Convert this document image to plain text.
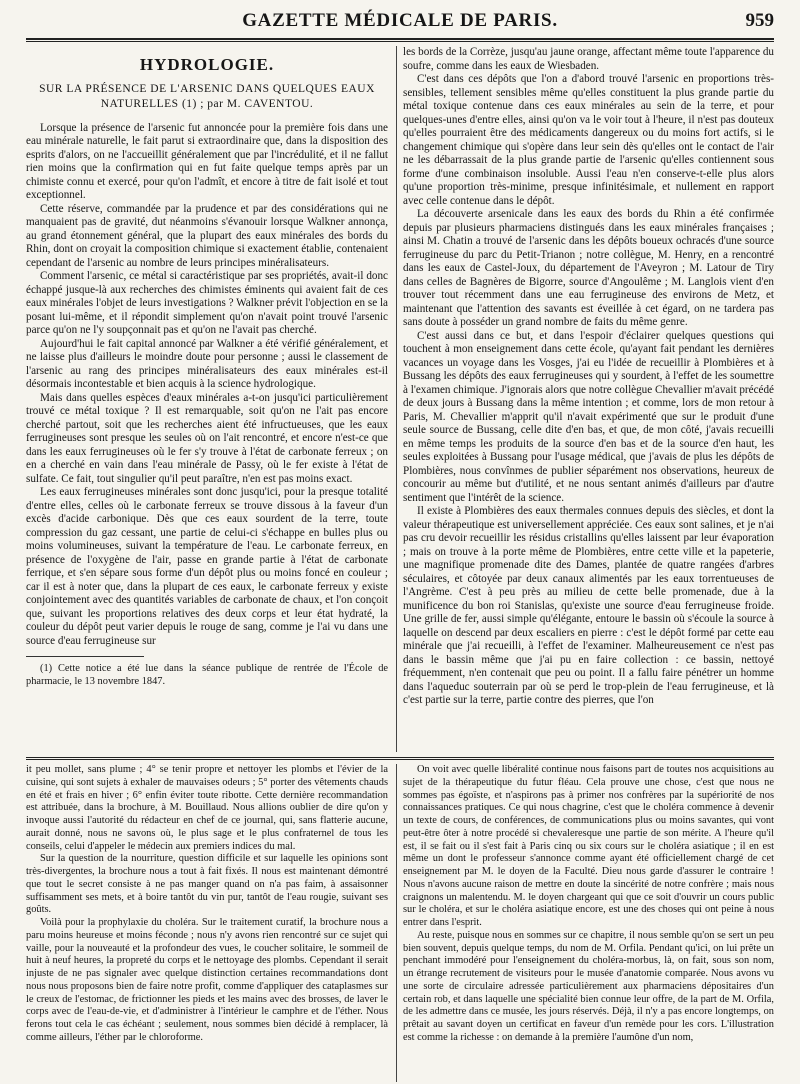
GAZETTE MÉDICALE DE PARIS.	959
HYDROLOGIE.
SUR LA PRÉSENCE DE L'ARSENIC DANS QUELQUES EAUX NATURELLES (1) ; par M. CAVENTOU.

Lorsque la présence de l'arsenic fut annoncée pour la première fois dans une eau minérale naturelle, le fait parut si extraordinaire que, dans la disposition des esprits d'alors, on ne l'accueillit généralement que par l'incrédulité, et il ne fallut rien moins que la confirmation qui en fut faite quelque temps après par un chimiste connu et exercé, pour qu'on l'admît, et encore à titre de fait isolé et tout exceptionnel.

Cette réserve, commandée par la prudence et par des considérations qui ne manquaient pas de gravité, dut néanmoins s'évanouir lorsque Walkner annonça, au grand étonnement général, que la plupart des eaux minérales des bords du Rhin, dont on croyait la composition chimique si exactement établie, contenaient cependant de l'arsenic au nombre de leurs principes minéralisateurs.

Comment l'arsenic, ce métal si caractéristique par ses propriétés, avait-il donc échappé jusque-là aux recherches des chimistes éminents qui avaient fait de ces eaux minérales l'objet de leurs investigations ? Walkner prévit l'objection en se la posant lui-même, et il répondit simplement qu'on n'avait point trouvé l'arsenic parce qu'on ne l'y soupçonnait pas et qu'on ne l'avait pas cherché.

Aujourd'hui le fait capital annoncé par Walkner a été vérifié généralement, et ne laisse plus d'ailleurs le moindre doute pour personne ; aussi le classement de l'arsenic au rang des principes minéralisateurs des eaux minérales est-il désormais incontestable et bien acquis à la science hydrologique.

Mais dans quelles espèces d'eaux minérales a-t-on jusqu'ici particulièrement trouvé ce métal toxique ? Il est remarquable, soit qu'on ne l'ait pas encore cherché partout, soit que les recherches aient été infructueuses, que les eaux ferrugineuses sont presque les seules où on l'ait rencontré, et encore n'est-ce que dans les eaux ferrugineuses où le fer s'y trouve à l'état de carbonate ferreux ; on en a cherché en vain dans l'eau minérale de Passy, où le fer existe à l'état de sulfate. Ce fait, tout singulier qu'il peut paraître, n'en est pas moins exact.

Les eaux ferrugineuses minérales sont donc jusqu'ici, pour la presque totalité d'entre elles, celles où le carbonate ferreux se trouve dissous à la faveur d'un excès d'acide carbonique. Dès que ces eaux sourdent de la terre, toute compression du gaz cessant, une partie de celui-ci s'échappe en bulles plus ou moins volumineuses, suivant la température de l'eau. Le carbonate ferreux, en présence de l'oxygène de l'air, passe en grande partie à l'état de carbonate ferrique, et s'en sépare sous forme d'un dépôt plus ou moins foncé en couleur ; car il est à noter que, dans la plupart de ces eaux, le carbonate ferreux y existe conjointement avec des quantités variables de carbonate de chaux, et l'on conçoit que, suivant les proportions relatives des deux corps et leur état hydraté, la couleur du dépôt peut varier depuis le rouge de sang, comme je l'ai vu dans une source d'eau ferrugineuse sur

(1) Cette notice a été lue dans la séance publique de rentrée de l'École de pharmacie, le 13 novembre 1847.

les bords de la Corrèze, jusqu'au jaune orange, affectant même toute l'apparence du soufre, comme dans les eaux de Wiesbaden.

C'est dans ces dépôts que l'on a d'abord trouvé l'arsenic en proportions très-sensibles, tellement sensibles même qu'elles constituent la plus grande partie du métal toxique contenue dans ces eaux minérales au sein de la terre, et pour quelques-unes d'entre elles, ainsi qu'on va le voir tout à l'heure, il n'est pas douteux qu'elles pourraient être des médicaments dangereux ou du moins fort actifs, si le changement chimique qui s'opère dans leur sein dès qu'elles ont le contact de l'air ne les débarrassait de la plus grande partie de l'arsenic qu'elles contiennent sous forme d'une combinaison insoluble. Aussi l'eau n'en conserve-t-elle plus alors qu'une proportion très-minime, presque infinitésimale, et nullement en rapport avec celle contenue dans le dépôt.

La découverte arsenicale dans les eaux des bords du Rhin a été confirmée depuis par plusieurs pharmaciens distingués dans les eaux minérales françaises ; ainsi M. Chatin a trouvé de l'arsenic dans les dépôts boueux ochracés d'une source ferrugineuse du parc du Petit-Trianon ; notre collègue, M. Henry, en a rencontré dans les eaux de Castel-Joux, du département de l'Aveyron ; M. Latour de Tiry dans celles de Bagnères de Bigorre, source d'Angoulême ; M. Langlois vient d'en trouver tout récemment dans une eau ferrugineuse des environs de Metz, et maintenant que l'attention des savants est éveillée à cet égard, on ne tardera pas sans doute à posséder un grand nombre de faits du même genre.

C'est aussi dans ce but, et dans l'espoir d'éclairer quelques questions qui touchent à mon enseignement dans cette école, qu'ayant fait pendant les dernières vacances un voyage dans les Vosges, j'ai eu l'idée de recueillir à Plombières et à Bussang les dépôts des eaux ferrugineuses qui y sourdent, à l'effet de les soumettre à l'examen chimique. J'ignorais alors que notre collègue Chevallier m'avait précédé de deux jours à Bussang dans la même intention ; et comme, lors de mon retour à Paris, M. Chevallier m'apprit qu'il n'avait expérimenté que sur le produit d'une seule source de Bussang, celle dite d'en bas, et que, de mon côté, j'avais recueilli en même temps les produits de la source d'en bas et de la source d'en haut, les seules exploitées à Bussang pour l'usage médical, que j'avais de plus les dépôts de Plombières, nous convînmes de publier séparément nos observations, heureux de concourir au même but d'utilité, et ne nous sentant animés d'ailleurs par d'autre sentiment que l'intérêt de la science.

Il existe à Plombières des eaux thermales connues depuis des siècles, et dont la valeur thérapeutique est universellement appréciée. Ces eaux sont salines, et je n'ai pas cru devoir recueillir les résidus cristallins qu'elles laissent par leur évaporation ; mais on trouve à la porte même de Plombières, entre cette ville et la papeterie, une magnifique promenade dite des Dames, plantée de quatre rangées d'arbres séculaires, et côtoyée par deux canaux alimentés par les eaux torrentueuses de l'Angrème. C'est à peu près au milieu de cette belle promenade, due à la munificence du bon roi Stanislas, qu'existe une source d'eau ferrugineuse froide. Une grille de fer, aussi simple qu'élégante, entoure le bassin où s'écoule la source à laquelle on descend par deux escaliers en pierre : c'est le dépôt formé par cette eau minérale que j'ai recueilli, à l'effet de l'examiner. Malheureusement ce n'est pas dans le bassin même que j'ai pu en faire collection : ce bassin, nettoyé fréquemment, n'en contenait que peu ou point. Il a fallu faire pénétrer un homme dans l'aqueduc souterrain par où se perd le trop-plein de l'eau ferrugineuse, et là c'est partie sur la terre, partie contre des pierres, que l'on

it peu mollet, sans plume ; 4° se tenir propre et nettoyer les plombs et l'évier de la cuisine, qui sont sujets à exhaler de mauvaises odeurs ; 5° porter des vêtements chauds en été et frais en hiver ; 6° enfin éviter toute ribotte. Cette dernière recommandation est attribuée, dans la brochure, à M. Bouillaud. Nous allions oublier de dire qu'on y invoque aussi l'autorité du rédacteur en chef de ce journal, qui, sans flatterie aucune, aurait donné, nous ne savons où, le plus sage et le plus confraternel de tous les conseils, celui d'appeler le médecin aux premiers indices du mal.

Sur la question de la nourriture, question difficile et sur laquelle les opinions sont très-divergentes, la brochure nous a tout à fait fixés. Il nous est maintenant démontré que tout le secret consiste à ne pas manger quand on n'a pas faim, à assaisonner suffisamment ses mets, et à boire tantôt du vin pur, tantôt de l'eau rougie, suivant ses goûts.

Voilà pour la prophylaxie du choléra. Sur le traitement curatif, la brochure nous a paru moins heureuse et moins féconde ; nous n'y avons rien rencontré sur ce sujet qui vaille, pour la nouveauté et la profondeur des vues, le coucher solitaire, le sommeil de huit à neuf heures, la propreté du corps et le nettoyage des plombs. Cependant il serait injuste de ne pas signaler avec quelque distinction certaines recommandations dont nous nous proposons bien de faire notre profit, comme d'appliquer des cataplasmes sur le creux de l'estomac, de frictionner les pieds et les mains avec des brosses, de laver le corps avec de l'eau-de-vie, et d'administrer à l'intérieur le camphre et de l'éther. Nous ferons tout cela le cas échéant ; seulement, nous sommes bien décidé à remplacer, là comme ailleurs, l'éther par le chloroforme.

On voit avec quelle libéralité continue nous faisons part de toutes nos acquisitions au sujet de la thérapeutique du futur fléau. Cela prouve une chose, c'est que nous ne sommes pas égoïste, et n'aspirons pas à primer nos confrères par la supériorité de nos connaissances pratiques. Ce qui nous chagrine, c'est que le choléra commence à devenir un texte de cours, de conférences, de communications plus ou moins savantes, qui vont peut-être ôter à notre procédé si chevaleresque une partie de son mérite. A l'heure qu'il est, il se fait ou il s'est fait à Paris cinq ou six cours sur le choléra asiatique ; il en est même un dont le professeur s'annonce comme ayant été officiellement chargé de cet enseignement par M. le doyen de la Faculté. Dieu nous garde d'assurer le contraire ! Nous n'avons aucune raison de mettre en doute la sincérité de notre confrère ; mais nous craignons un malentendu. M. le doyen chargeant qui que ce soit d'ouvrir un cours public sur le choléra, et sur le choléra asiatique encore, est une des choses qui ont peine à nous entrer dans l'esprit.

Au reste, puisque nous en sommes sur ce chapitre, il nous semble qu'on se sert un peu bien souvent, depuis quelque temps, du nom de M. Orfila. Pendant qu'ici, on lui prête un penchant immodéré pour l'enseignement du choléra-morbus, là, on fait, sous son nom, un étrange recrutement de visiteurs pour le musée d'anatomie comparée. Nous avons vu une sorte de circulaire adressée particulièrement aux pharmaciens dépositaires d'un certain rob, et dans laquelle une spécialité bien connue leur offre, de la part de M. Orfila, de les admettre dans ce musée, les jours réservés. Déjà, il n'y a pas encore longtemps, on prêtait au savant doyen un certificat en faveur d'un remède pour les cors. L'illustration est comme la richesse : on demande à la première l'aumône d'un nom,
